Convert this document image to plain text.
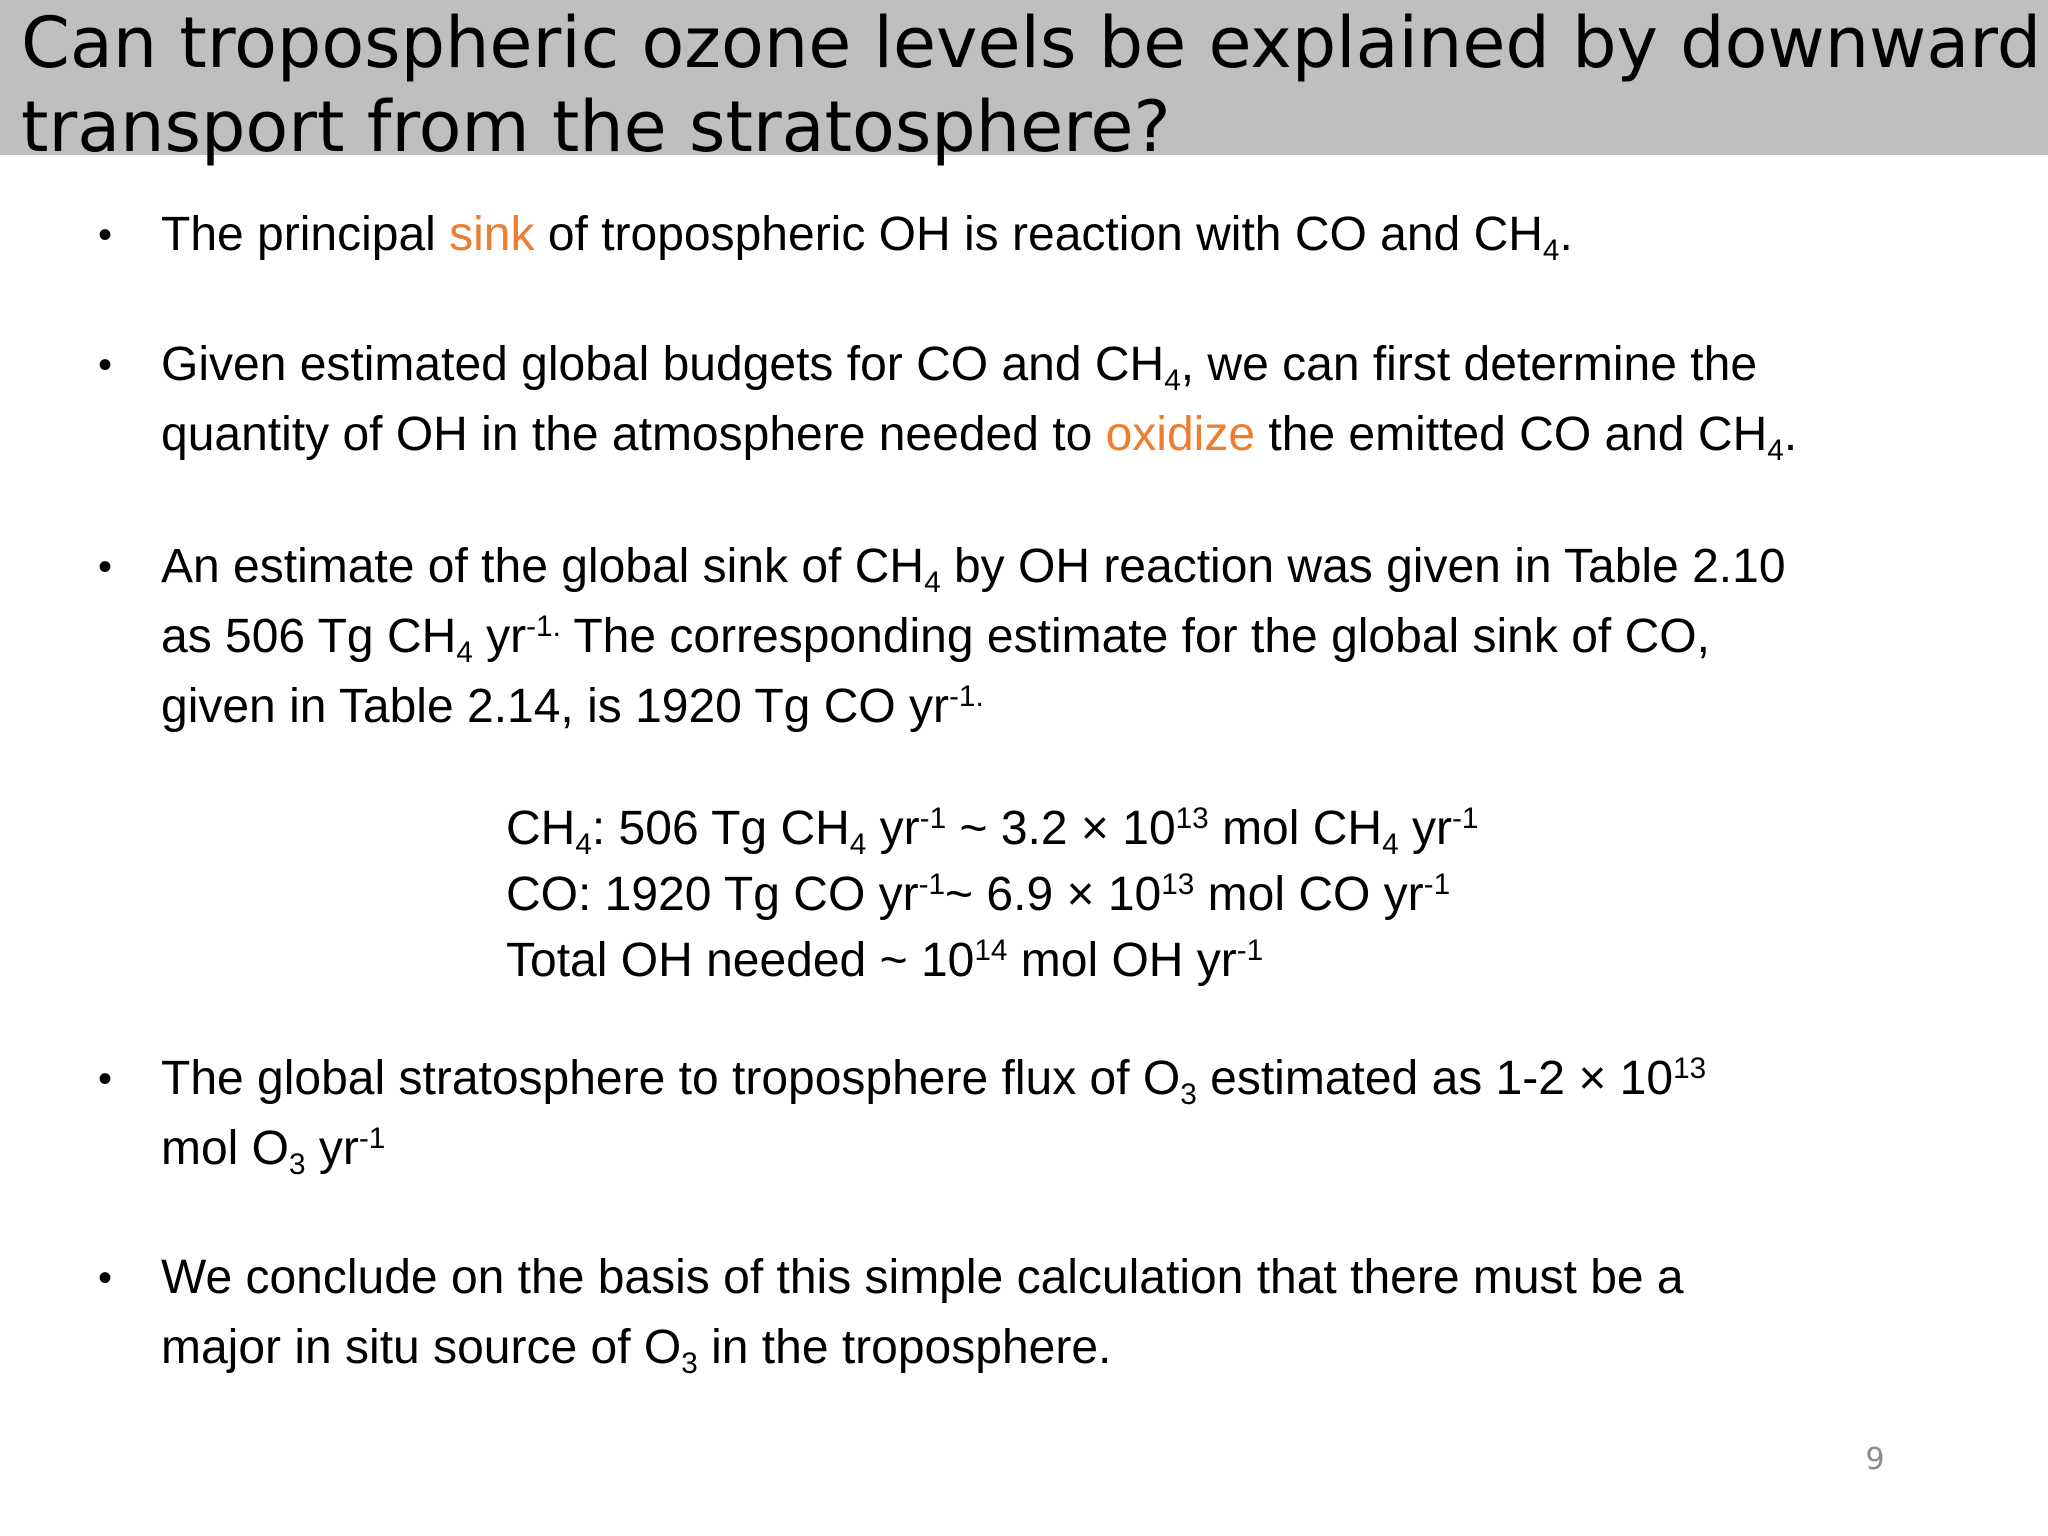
Can tropospheric ozone levels be explained by downward
transport from the stratosphere?
• The principal sink of tropospheric OH is reaction with CO and $CH_4$.
• Given estimated global budgets for CO and $CH_4$, we can first determine the
quantity of OH in the atmosphere needed to oxidize the emitted CO and $CH_4$.
• An estimate of the global sink of $CH_4$ by OH reaction was given in Table 2.10
as 506 Tg $CH_4$ $yr^{-1.}$ The corresponding estimate for the global sink of CO,
given in Table 2.14, is 1920 Tg CO $yr^{-1.}$
• The global stratosphere to troposphere flux of $O_3$ estimated as $1-2 \times 10^{13}$
mol $O_3$ $yr^{-1}$
• We conclude on the basis of this simple calculation that there must be a
major in situ source of $O_3$ in the troposphere.
$CH_4$: 506 Tg $CH_4$ $yr^{-1}$ ~ $3.2 \times 10^{13}$ mol $CH_4$ $yr^{-1}$
CO: 1920 Tg CO $yr^{-1}\sim$ $6.9 \times 10^{13}$ mol CO $yr^{-1}$
Total OH needed ~ $10^{14}$ mol OH $yr^{-1}$
9
